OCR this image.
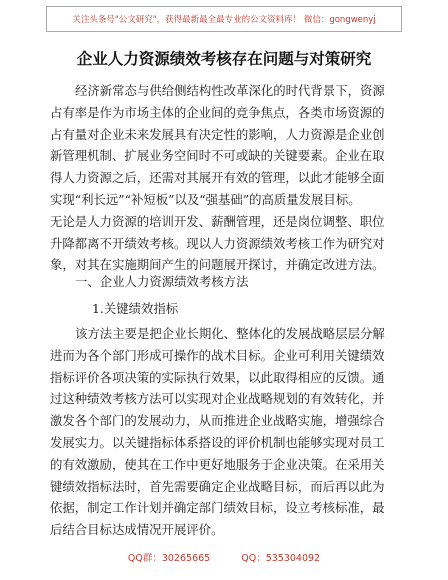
关注头条号"公文研究"，获得最新最全最专业的公文资料库！ 微信：gongwenyj
企业人力资源绩效考核存在问题与对策研究
经济新常态与供给侧结构性改革深化的时代背景下，资源
占有率是作为市场主体的企业间的竞争焦点，各类市场资源的
占有量对企业未来发展具有决定性的影响，人力资源是企业创
新管理机制、扩展业务空间时不可或缺的关键要素。企业在取
得人力资源之后，还需对其展开有效的管理，以此才能够全面
实现“利长远”“补短板”以及“强基础”的高质量发展目标。
无论是人力资源的培训开发、薪酬管理，还是岗位调整、职位
升降都离不开绩效考核。现以人力资源绩效考核工作为研究对
象，对其在实施期间产生的问题展开探讨，并确定改进方法。
一、企业人力资源绩效考核方法
1.关键绩效指标
该方法主要是把企业长期化、整体化的发展战略层层分解
进而为各个部门形成可操作的战术目标。企业可利用关键绩效
指标评价各项决策的实际执行效果，以此取得相应的反馈。通
过这种绩效考核方法可以实现对企业战略规划的有效转化，并
激发各个部门的发展动力，从而推进企业战略实施，增强综合
发展实力。以关键指标体系搭设的评价机制也能够实现对员工
的有效激励，使其在工作中更好地服务于企业决策。在采用关
键绩效指标法时，首先需要确定企业战略目标，而后再以此为
依据，制定工作计划并确定部门绩效目标，设立考核标准，最
后结合目标达成情况开展评价。
QQ群：30265665	QQ：535304092
